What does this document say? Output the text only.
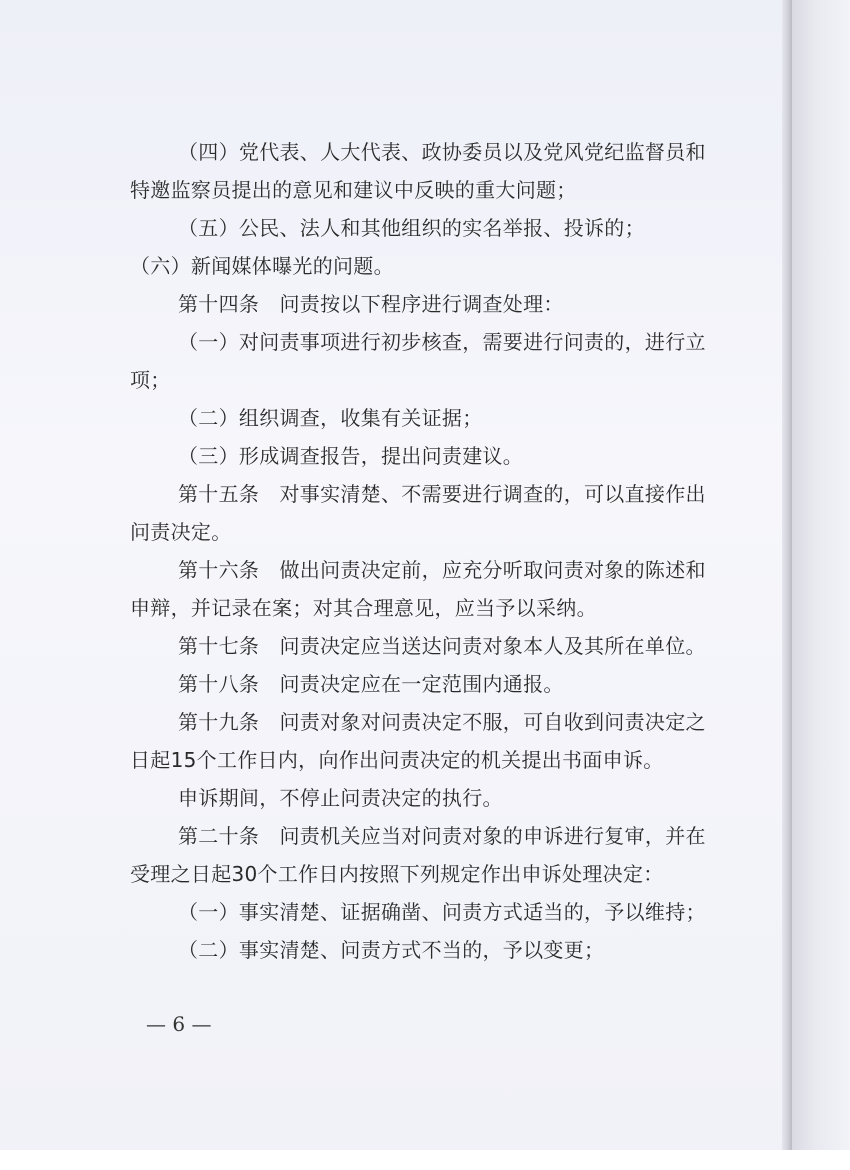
（四）党代表、人大代表、政协委员以及党风党纪监督员和
特邀监察员提出的意见和建议中反映的重大问题；
（五）公民、法人和其他组织的实名举报、投诉的；
（六）新闻媒体曝光的问题。
第十四条　问责按以下程序进行调查处理：
（一）对问责事项进行初步核查，需要进行问责的，进行立
项；
（二）组织调查，收集有关证据；
（三）形成调查报告，提出问责建议。
第十五条　对事实清楚、不需要进行调查的，可以直接作出
问责决定。
第十六条　做出问责决定前，应充分听取问责对象的陈述和
申辩，并记录在案；对其合理意见，应当予以采纳。
第十七条　问责决定应当送达问责对象本人及其所在单位。
第十八条　问责决定应在一定范围内通报。
第十九条　问责对象对问责决定不服，可自收到问责决定之
日起15个工作日内，向作出问责决定的机关提出书面申诉。
申诉期间，不停止问责决定的执行。
第二十条　问责机关应当对问责对象的申诉进行复审，并在
受理之日起30个工作日内按照下列规定作出申诉处理决定：
（一）事实清楚、证据确凿、问责方式适当的，予以维持；
（二）事实清楚、问责方式不当的，予以变更；
— 6 —
